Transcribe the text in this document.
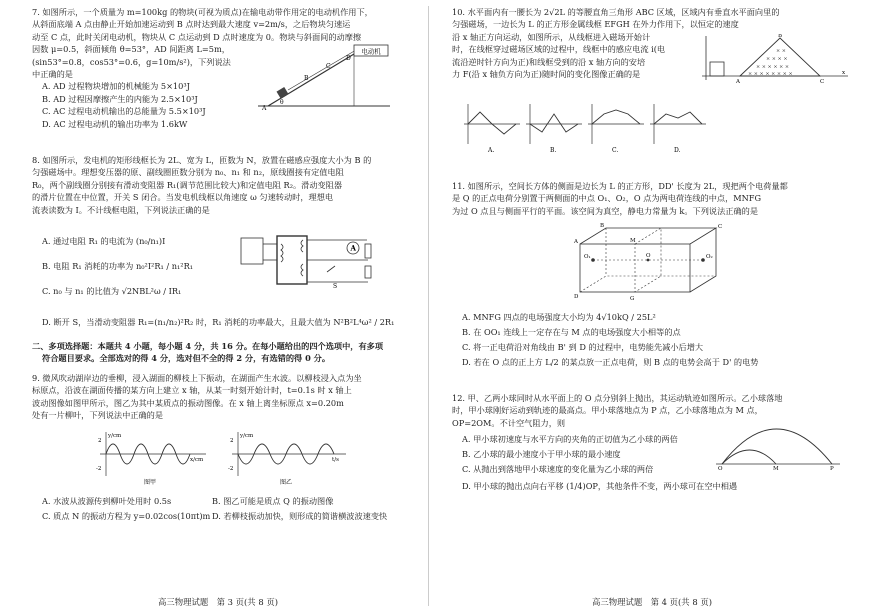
7. 如图所示，一个质量为 m=100kg 的物块(可视为质点)在输电动带作用定的电动机作用下，
从斜面底端 A 点由静止开始加速运动到 B 点时达到最大速度 v=2m/s，之后物块匀速运
动至 C 点，此时关闭电动机，物块从 C 点运动到 D 点时速度为 0。物块与斜面间的动摩擦
因数 μ=0.5，斜面倾角 θ=53°，AD 间距离 L=5m，
(sin53°=0.8，cos53°=0.6，g=10m/s²)，下列说法
中正确的是
A. AD 过程物块增加的机械能为 5×10³J
B. AD 过程因摩擦产生的内能为 2.5×10³J
C. AC 过程电动机输出的总能量为 5.5×10³J
D. AC 过程电动机的输出功率为 1.6kW
电动机
A
B
C
D
θ
8. 如图所示，发电机的矩形线框长为 2L、宽为 L，匝数为 N，放置在磁感应强度大小为 B 的
匀强磁场中。理想变压器的原、副线圈匝数分别为 n₀、n₁ 和 n₂，原线圈接有定值电阻
R₀，两个副线圈分别接有滑动变阻器 R₁(调节范围比较大)和定值电阻 R₂。滑动变阻器
的滑片位置在中位置，开关 S 闭合。当发电机线框以角速度 ω 匀速转动时，理想电
流表读数为 I。不计线框电阻，下列说法正确的是
A. 通过电阻 R₁ 的电流为 (n₀/n₁)I
B. 电阻 R₁ 消耗的功率为 n₀²I²R₁ / n₁²R₁
C. n₀ 与 n₁ 的比值为 √2NBL²ω / IR₁
D. 断开 S，当滑动变阻器 R₁=(n₁/n₂)²R₂ 时，R₁ 消耗的功率最大，且最大值为 N²B²L⁴ω² / 2R₁
A
S
二、多项选择题：本题共 4 小题，每小题 4 分，共 16 分。在每小题给出的四个选项中，有多项
符合题目要求。全部选对的得 4 分，选对但不全的得 2 分，有选错的得 0 分。
9. 微风吹动湖岸边的垂柳，浸入湖面的柳枝上下振动，在湖面产生水波。以柳枝浸入点为坐
标原点，沿波在湖面传播的某方向上建立 x 轴，从某一时刻开始计时，t=0.1s 时 x 轴上
波动图像如图甲所示，图乙为其中某质点的振动图像。在 x 轴上离坐标原点 x=0.20m
处有一片柳叶，下列说法中正确的是
y/cm
x/cm
2
-2
图甲
y/cm
t/s
2
-2
图乙
A. 水波从波源传到柳叶处用时 0.5s	B. 图乙可能是质点 Q 的振动图像
C. 质点 N 的振动方程为 y=0.02cos(10πt)m D. 若柳枝振动加快，则形成的简谐横波波速变快
高三物理试题　第 3 页(共 8 页)
10. 水平面内有一腰长为 2√2L 的等腰直角三角形 ABC 区域，区域内有垂直水平面向里的
匀强磁场，一边长为 L 的正方形金属线框 EFGH 在外力作用下，以恒定的速度
沿 x 轴正方向运动，如图所示，从线框进入磁场开始计
时，在线框穿过磁场区域的过程中，线框中的感应电流 i(电
流沿逆时针方向为正)和线框受到的沿 x 轴方向的安培
力 F(沿 x 轴负方向为正)随时间的变化图像正确的是
× ×
× × × ×
× × × × × ×
× × × × × × × ×
A
B
C
x
A.	B.	C.	D.
11. 如图所示，空间长方体的侧面是边长为 L 的正方形，DD' 长度为 2L，现把两个电荷量都
是 Q 的正点电荷分别置于两侧面的中点 O₁、O₂，O 点为两电荷连线的中点，MNFG
为过 O 点且与侧面平行的平面。该空间为真空，静电力常量为 k。下列说法正确的是
A
B	C
D
O₁	O₂
O
M
G
A. MNFG 四点的电场强度大小均为 4√10kQ / 25L²
B. 在 OO₁ 连线上一定存在与 M 点的电场强度大小相等的点
C. 将一正电荷沿对角线由 B' 到 D 的过程中，电势能先减小后增大
D. 若在 O 点的正上方 L/2 的某点放一正点电荷，则 B 点的电势会高于 D' 的电势
12. 甲、乙两小球同时从水平面上的 O 点分别斜上抛出，其运动轨迹如图所示。乙小球落地
时，甲小球刚好运动到轨迹的最高点。甲小球落地点为 P 点，乙小球落地点为 M 点，
OP=2OM。不计空气阻力，则
O	M	P
A. 甲小球初速度与水平方向的夹角的正切值为乙小球的两倍
B. 乙小球的最小速度小于甲小球的最小速度
C. 从抛出到落地甲小球速度的变化量为乙小球的两倍
D. 甲小球的抛出点向右平移 (1/4)OP，其他条件不变，两小球可在空中相遇
高三物理试题　第 4 页(共 8 页)
